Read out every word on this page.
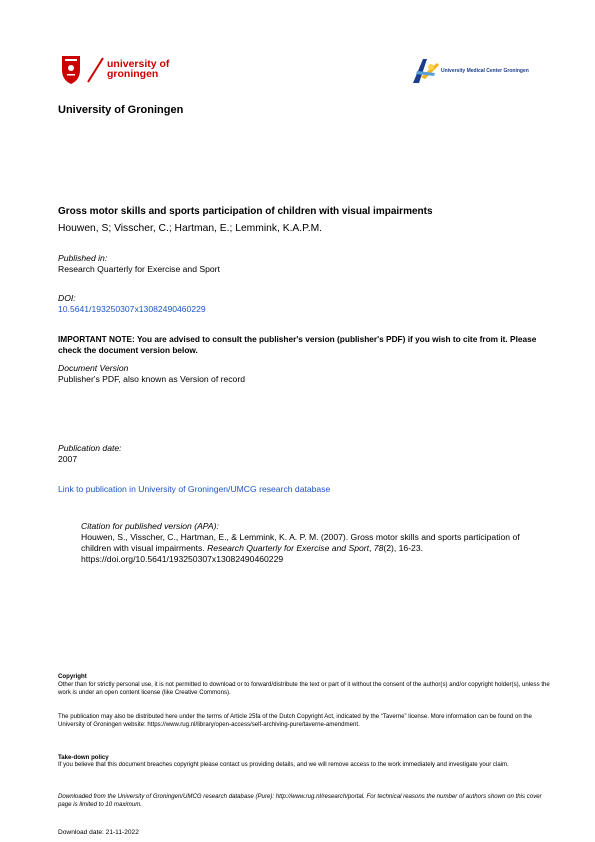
university of
groningen	University Medical Center Groningen
University of Groningen
Gross motor skills and sports participation of children with visual impairments
Houwen, S; Visscher, C.; Hartman, E.; Lemmink, K.A.P.M.
Published in:
Research Quarterly for Exercise and Sport
DOI:
10.5641/193250307x13082490460229
IMPORTANT NOTE: You are advised to consult the publisher's version (publisher's PDF) if you wish to cite from it. Please check the document version below.
Document Version
Publisher's PDF, also known as Version of record
Publication date:
2007
Link to publication in University of Groningen/UMCG research database
Citation for published version (APA):
Houwen, S., Visscher, C., Hartman, E., & Lemmink, K. A. P. M. (2007). Gross motor skills and sports participation of children with visual impairments. Research Quarterly for Exercise and Sport, 78(2), 16-23.
https://doi.org/10.5641/193250307x13082490460229
Copyright
Other than for strictly personal use, it is not permitted to download or to forward/distribute the text or part of it without the consent of the author(s) and/or copyright holder(s), unless the work is under an open content license (like Creative Commons).
The publication may also be distributed here under the terms of Article 25fa of the Dutch Copyright Act, indicated by the “Taverne” license. More information can be found on the University of Groningen website: https://www.rug.nl/library/open-access/self-archiving-pure/taverne-amendment.
Take-down policy
If you believe that this document breaches copyright please contact us providing details, and we will remove access to the work immediately and investigate your claim.
Downloaded from the University of Groningen/UMCG research database (Pure): http://www.rug.nl/research/portal. For technical reasons the number of authors shown on this cover page is limited to 10 maximum.
Download date: 21-11-2022
